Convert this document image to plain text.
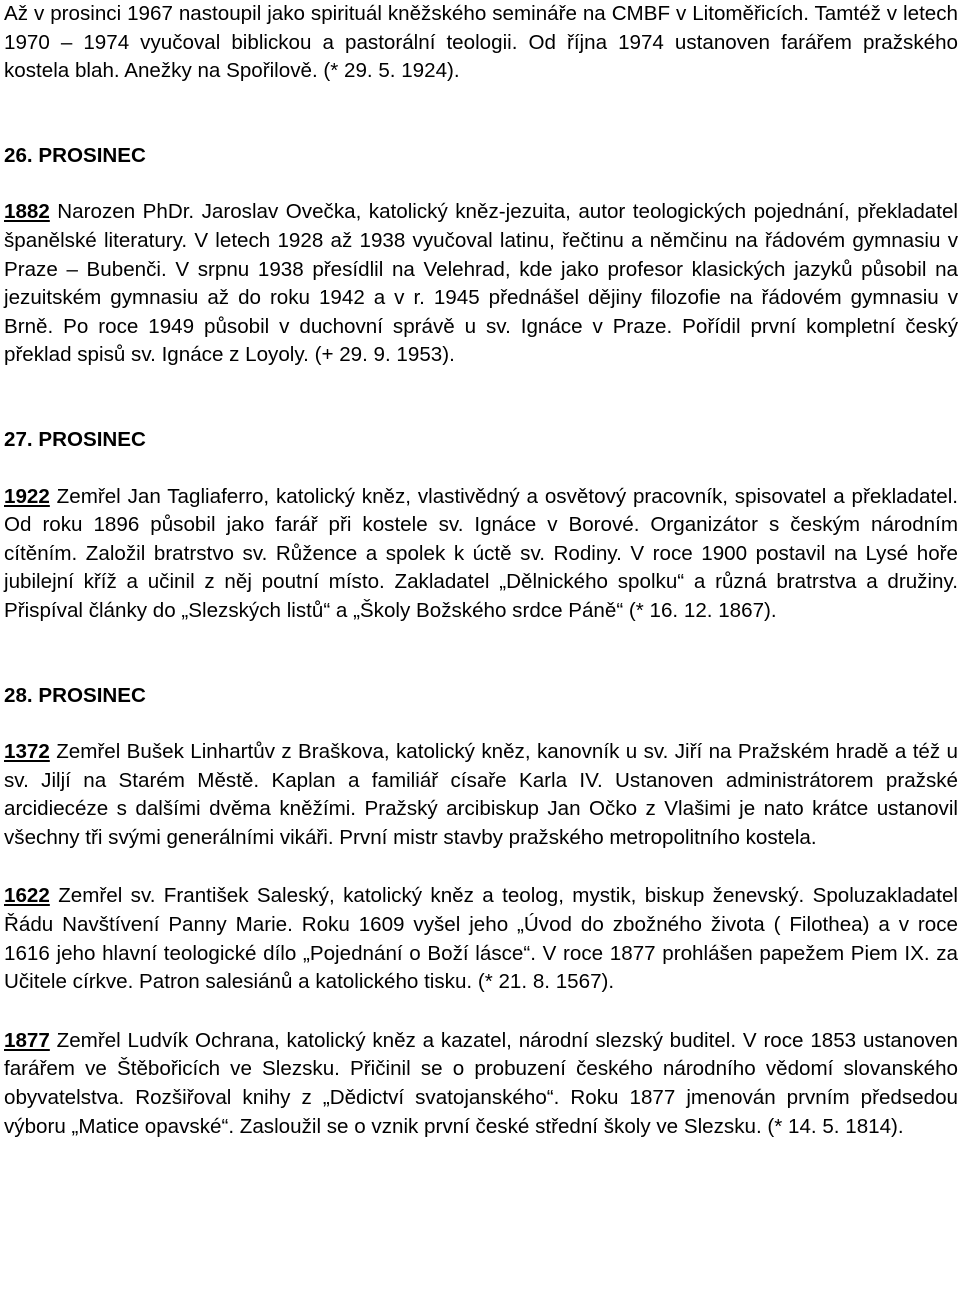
Až v prosinci 1967 nastoupil jako spirituál kněžského semináře na CMBF v Litoměřicích. Tamtéž v letech 1970 – 1974 vyučoval biblickou a pastorální teologii. Od října 1974 ustanoven farářem pražského kostela blah. Anežky na Spořilově. (* 29. 5. 1924).

26. PROSINEC

1882 Narozen PhDr. Jaroslav Ovečka, katolický kněz-jezuita, autor teologických pojednání, překladatel španělské literatury. V letech 1928 až 1938 vyučoval latinu, řečtinu a němčinu na řádovém gymnasiu v Praze – Bubenči. V srpnu 1938 přesídlil na Velehrad, kde jako profesor klasických jazyků působil na jezuitském gymnasiu až do roku 1942 a v r. 1945 přednášel dějiny filozofie na řádovém gymnasiu v Brně. Po roce 1949 působil v duchovní správě u sv. Ignáce v Praze. Pořídil první kompletní český překlad spisů sv. Ignáce z Loyoly. (+ 29. 9. 1953).

27. PROSINEC

1922 Zemřel Jan Tagliaferro, katolický kněz, vlastivědný a osvětový pracovník, spisovatel a překladatel. Od roku 1896 působil jako farář při kostele sv. Ignáce v Borové. Organizátor s českým národním cítěním. Založil bratrstvo sv. Růžence a spolek k úctě sv. Rodiny. V roce 1900 postavil na Lysé hoře jubilejní kříž a učinil z něj poutní místo. Zakladatel „Dělnického spolku“ a různá bratrstva a družiny. Přispíval články do „Slezských listů“ a „Školy Božského srdce Páně“ (* 16. 12. 1867).

28. PROSINEC

1372 Zemřel Bušek Linhartův z Braškova, katolický kněz, kanovník u sv. Jiří na Pražském hradě a též u sv. Jiljí na Starém Městě. Kaplan a familiář císaře Karla IV. Ustanoven administrátorem pražské arcidiecéze s dalšími dvěma kněžími. Pražský arcibiskup Jan Očko z Vlašimi je nato krátce ustanovil všechny tři svými generálními vikáři. První mistr stavby pražského metropolitního kostela.

1622 Zemřel sv. František Saleský, katolický kněz a teolog, mystik, biskup ženevský. Spoluzakladatel Řádu Navštívení Panny Marie. Roku 1609 vyšel jeho „Úvod do zbožného života ( Filothea) a v roce 1616 jeho hlavní teologické dílo „Pojednání o Boží lásce“. V roce 1877 prohlášen papežem Piem IX. za Učitele církve. Patron salesiánů a katolického tisku. (* 21. 8. 1567).

1877 Zemřel Ludvík Ochrana, katolický kněz a kazatel, národní slezský buditel. V roce 1853 ustanoven farářem ve Štěbořicích ve Slezsku. Přičinil se o probuzení českého národního vědomí slovanského obyvatelstva. Rozšiřoval knihy z „Dědictví svatojanského“. Roku 1877 jmenován prvním předsedou výboru „Matice opavské“. Zasloužil se o vznik první české střední školy ve Slezsku. (* 14. 5. 1814).
